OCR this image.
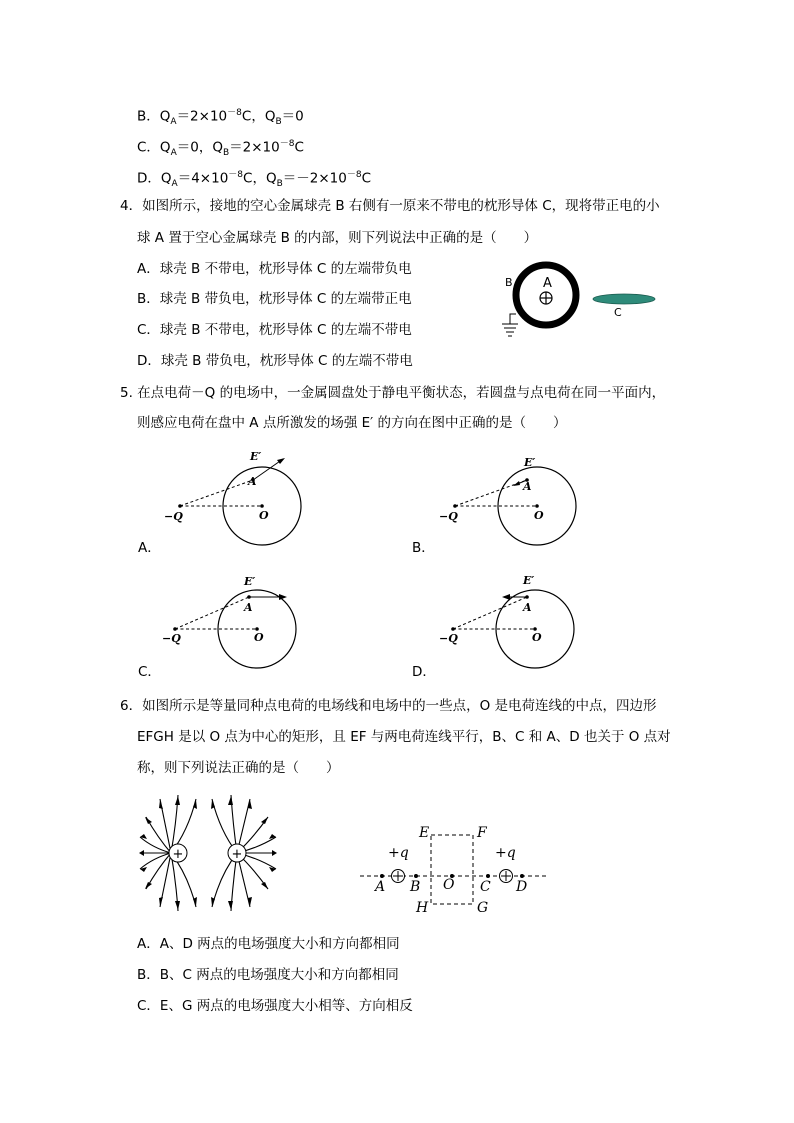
B．$Q_A=2\times 10^{-8}C$，$Q_B=0$
C．$Q_A=0$，$Q_B=2\times 10^{-8}C$
D．$Q_A=4\times 10^{-8}C$，$Q_B=-2\times 10^{-8}C$
4．如图所示，接地的空心金属球壳 B 右侧有一原来不带电的枕形导体 C，现将带正电的小
球 A 置于空心金属球壳 B 的内部，则下列说法中正确的是（　　）
A．球壳 B 不带电，枕形导体 C 的左端带负电
B．球壳 B 带负电，枕形导体 C 的左端带正电
C．球壳 B 不带电，枕形导体 C 的左端不带电
D．球壳 B 带负电，枕形导体 C 的左端不带电
A
B
C
5. 在点电荷－Q 的电场中，一金属圆盘处于静电平衡状态，若圆盘与点电荷在同一平面内，
则感应电荷在盘中 A 点所激发的场强 E′ 的方向在图中正确的是（　　）
E′
A
−Q	O
A．
E′
A
−Q	O
B．
E′
A
−Q	O
C．
E′
A
−Q	O
D．
6．如图所示是等量同种点电荷的电场线和电场中的一些点，O 是电荷连线的中点，四边形
EFGH 是以 O 点为中心的矩形，且 EF 与两电荷连线平行，B、C 和 A、D 也关于 O 点对
称，则下列说法正确的是（　　）
+	+	+q	+q
A B O C D
E	F
H	G
A．A、D 两点的电场强度大小和方向都相同
B．B、C 两点的电场强度大小和方向都相同
C．E、G 两点的电场强度大小相等、方向相反
